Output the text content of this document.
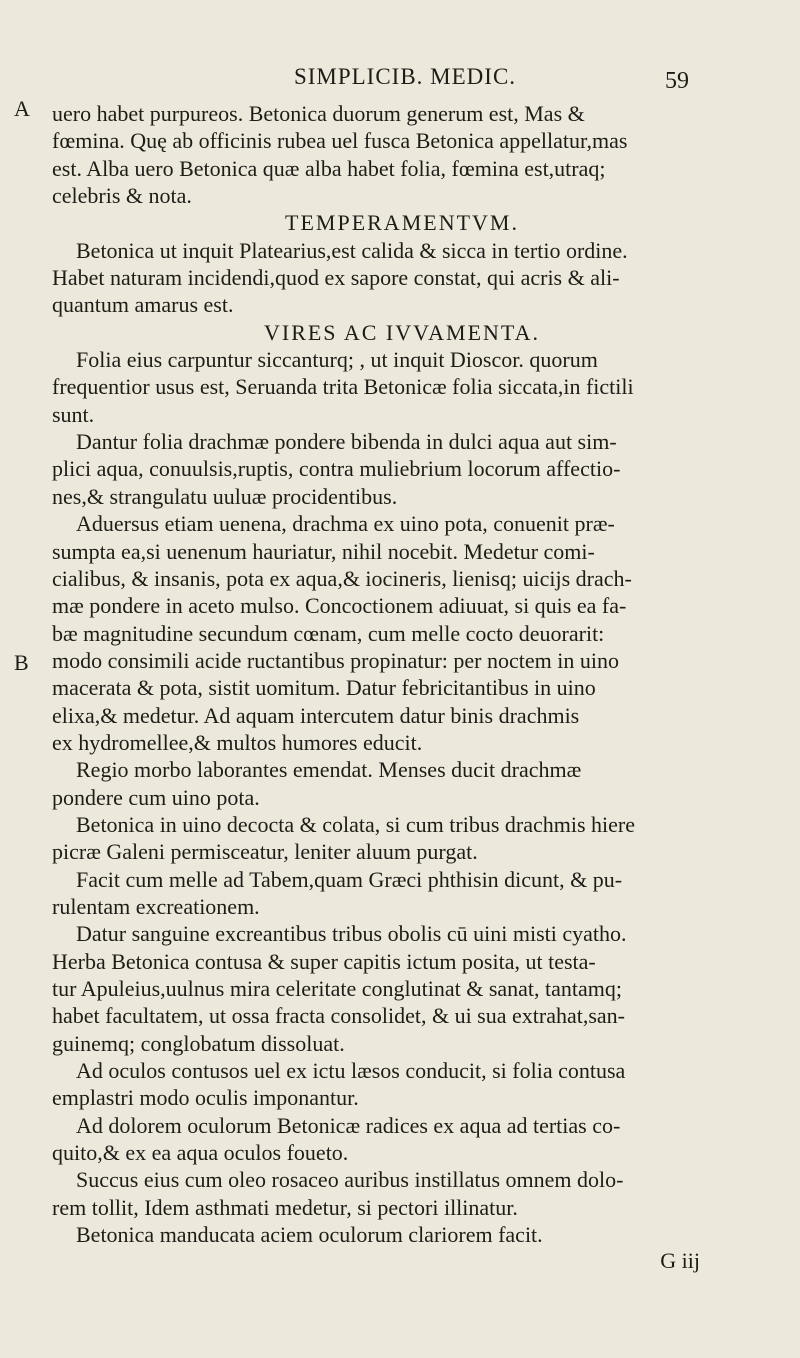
SIMPLICIB. MEDIC.	59
A
B
uero habet purpureos. Betonica duorum generum est, Mas &
fœmina. Quę ab officinis rubea uel fusca Betonica appellatur,mas
est. Alba uero Betonica quæ alba habet folia, fœmina est,utraq;
celebris & nota.
TEMPERAMENTVM.
Betonica ut inquit Platearius,est calida & sicca in tertio ordine.
Habet naturam incidendi,quod ex sapore constat, qui acris & ali-
quantum amarus est.
VIRES AC IVVAMENTA.
Folia eius carpuntur siccanturq; , ut inquit Dioscor. quorum
frequentior usus est, Seruanda trita Betonicæ folia siccata,in fictili
sunt.
Dantur folia drachmæ pondere bibenda in dulci aqua aut sim-
plici aqua, conuulsis,ruptis, contra muliebrium locorum affectio-
nes,& strangulatu uuluæ procidentibus.
Aduersus etiam uenena, drachma ex uino pota, conuenit præ-
sumpta ea,si uenenum hauriatur, nihil nocebit. Medetur comi-
cialibus, & insanis, pota ex aqua,& iocineris, lienisq; uicijs drach-
mæ pondere in aceto mulso. Concoctionem adiuuat, si quis ea fa-
bæ magnitudine secundum cœnam, cum melle cocto deuorarit:
modo consimili acide ructantibus propinatur: per noctem in uino
macerata & pota, sistit uomitum. Datur febricitantibus in uino
elixa,& medetur. Ad aquam intercutem datur binis drachmis
ex hydromellee,& multos humores educit.
Regio morbo laborantes emendat. Menses ducit drachmæ
pondere cum uino pota.
Betonica in uino decocta & colata, si cum tribus drachmis hiere
picræ Galeni permisceatur, leniter aluum purgat.
Facit cum melle ad Tabem,quam Græci phthisin dicunt, & pu-
rulentam excreationem.
Datur sanguine excreantibus tribus obolis cū uini misti cyatho.
Herba Betonica contusa & super capitis ictum posita, ut testa-
tur Apuleius,uulnus mira celeritate conglutinat & sanat, tantamq;
habet facultatem, ut ossa fracta consolidet, & ui sua extrahat,san-
guinemq; conglobatum dissoluat.
Ad oculos contusos uel ex ictu læsos conducit, si folia contusa
emplastri modo oculis imponantur.
Ad dolorem oculorum Betonicæ radices ex aqua ad tertias co-
quito,& ex ea aqua oculos foueto.
Succus eius cum oleo rosaceo auribus instillatus omnem dolo-
rem tollit, Idem asthmati medetur, si pectori illinatur.
Betonica manducata aciem oculorum clariorem facit.
G iij
